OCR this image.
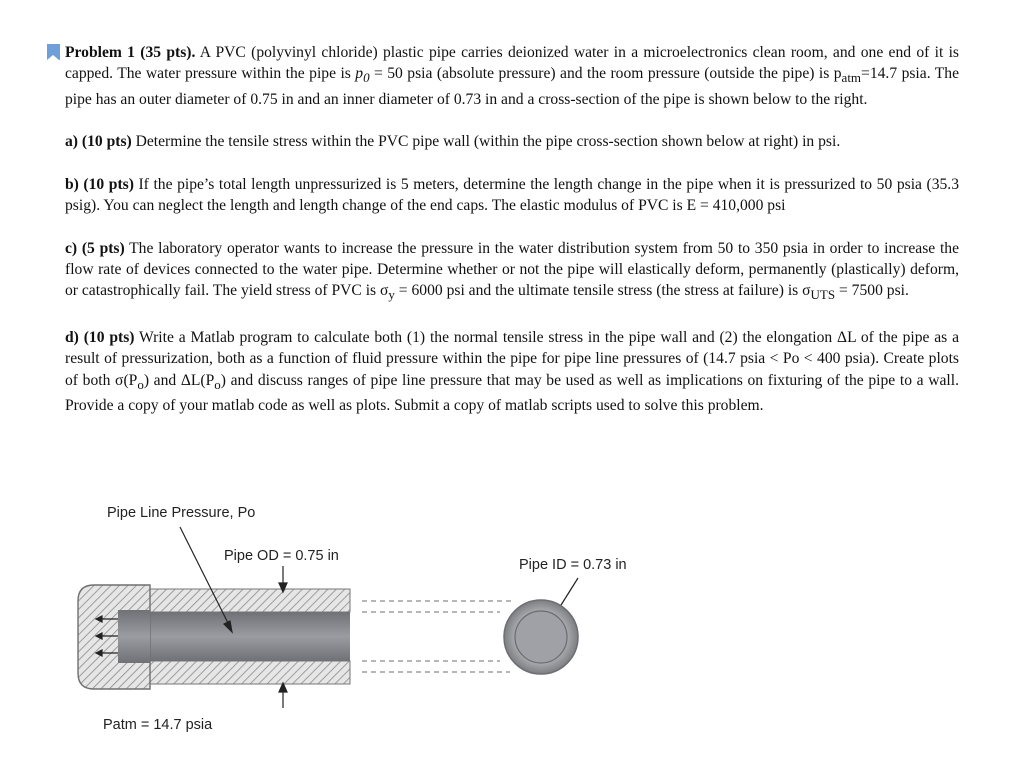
Problem 1 (35 pts). A PVC (polyvinyl chloride) plastic pipe carries deionized water in a microelectronics clean room, and one end of it is capped. The water pressure within the pipe is $p_0 = 50$ psia (absolute pressure) and the room pressure (outside the pipe) is $p_{atm}=14.7$ psia. The pipe has an outer diameter of 0.75 in and an inner diameter of 0.73 in and a cross-section of the pipe is shown below to the right.

a) (10 pts) Determine the tensile stress within the PVC pipe wall (within the pipe cross-section shown below at right) in psi.

b) (10 pts) If the pipe’s total length unpressurized is 5 meters, determine the length change in the pipe when it is pressurized to 50 psia (35.3 psig). You can neglect the length and length change of the end caps. The elastic modulus of PVC is E = 410,000 psi

c) (5 pts) The laboratory operator wants to increase the pressure in the water distribution system from 50 to 350 psia in order to increase the flow rate of devices connected to the water pipe. Determine whether or not the pipe will elastically deform, permanently (plastically) deform, or catastrophically fail. The yield stress of PVC is $\sigma_y = 6000$ psi and the ultimate tensile stress (the stress at failure) is $\sigma_{UTS} = 7500$ psi.

d) (10 pts) Write a Matlab program to calculate both (1) the normal tensile stress in the pipe wall and (2) the elongation ΔL of the pipe as a result of pressurization, both as a function of fluid pressure within the pipe for pipe line pressures of (14.7 psia < Po < 400 psia). Create plots of both $\sigma(P_o)$ and $\Delta L(P_o)$ and discuss ranges of pipe line pressure that may be used as well as implications on fixturing of the pipe to a wall. Provide a copy of your matlab code as well as plots. Submit a copy of matlab scripts used to solve this problem.

Pipe Line Pressure, Po
Pipe OD = 0.75 in
Pipe ID = 0.73 in
Patm = 14.7 psia
